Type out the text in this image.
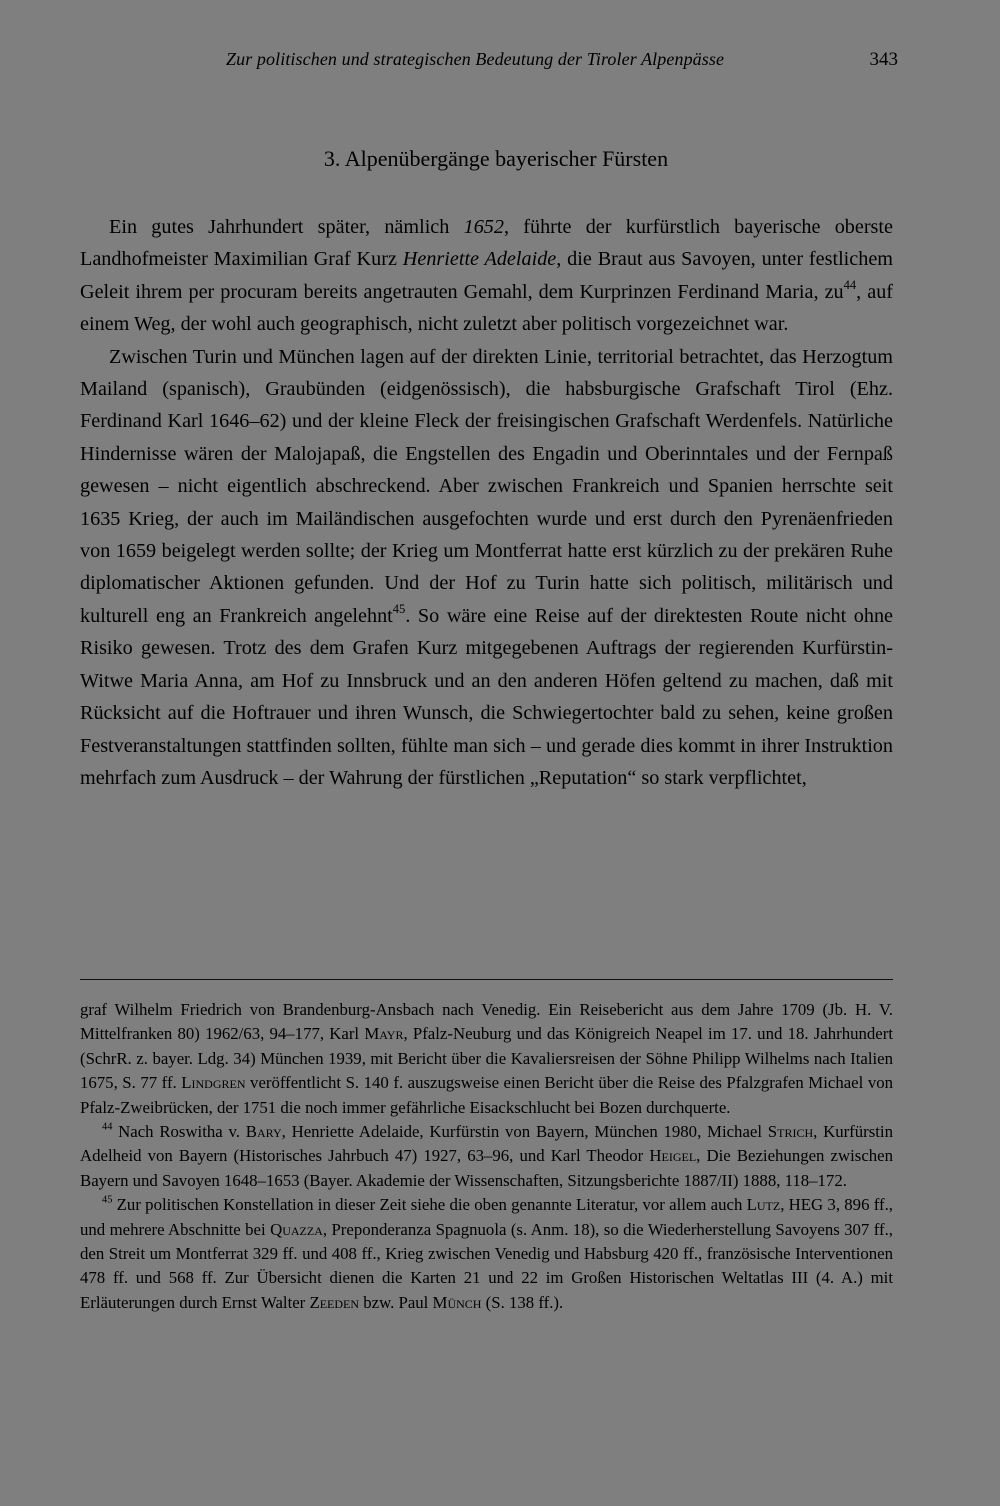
Zur politischen und strategischen Bedeutung der Tiroler Alpenpässe	343
3. Alpenübergänge bayerischer Fürsten

Ein gutes Jahrhundert später, nämlich 1652, führte der kurfürstlich bayerische oberste Landhofmeister Maximilian Graf Kurz Henriette Adelaide, die Braut aus Savoyen, unter festlichem Geleit ihrem per procuram bereits angetrauten Gemahl, dem Kurprinzen Ferdinand Maria, $zu^{44}$, auf einem Weg, der wohl auch geographisch, nicht zuletzt aber politisch vorgezeichnet war.

Zwischen Turin und München lagen auf der direkten Linie, territorial betrachtet, das Herzogtum Mailand (spanisch), Graubünden (eidgenössisch), die habsburgische Grafschaft Tirol (Ehz. Ferdinand Karl 1646–62) und der kleine Fleck der freisingischen Grafschaft Werdenfels. Natürliche Hindernisse wären der Malojapaß, die Engstellen des Engadin und Oberinntales und der Fernpaß gewesen – nicht eigentlich abschreckend. Aber zwischen Frankreich und Spanien herrschte seit 1635 Krieg, der auch im Mailändischen ausgefochten wurde und erst durch den Pyrenäenfrieden von 1659 beigelegt werden sollte; der Krieg um Montferrat hatte erst kürzlich zu der prekären Ruhe diplomatischer Aktionen gefunden. Und der Hof zu Turin hatte sich politisch, militärisch und kulturell eng an Frankreich angelehnt$^{45}$. So wäre eine Reise auf der direktesten Route nicht ohne Risiko gewesen. Trotz des dem Grafen Kurz mitgegebenen Auftrags der regierenden Kurfürstin-Witwe Maria Anna, am Hof zu Innsbruck und an den anderen Höfen geltend zu machen, daß mit Rücksicht auf die Hoftrauer und ihren Wunsch, die Schwiegertochter bald zu sehen, keine großen Festveranstaltungen stattfinden sollten, fühlte man sich – und gerade dies kommt in ihrer Instruktion mehrfach zum Ausdruck – der Wahrung der fürstlichen „Reputation“ so stark verpflichtet,

graf Wilhelm Friedrich von Brandenburg-Ansbach nach Venedig. Ein Reisebericht aus dem Jahre 1709 (Jb. H. V. Mittelfranken 80) 1962/63, 94–177, Karl Mayr, Pfalz-Neuburg und das Königreich Neapel im 17. und 18. Jahrhundert (SchrR. z. bayer. Ldg. 34) München 1939, mit Bericht über die Kavaliersreisen der Söhne Philipp Wilhelms nach Italien 1675, S. 77 ff. Lindgren veröffentlicht S. 140 f. auszugsweise einen Bericht über die Reise des Pfalzgrafen Michael von Pfalz-Zweibrücken, der 1751 die noch immer gefährliche Eisackschlucht bei Bozen durchquerte.

$^{44}$ Nach Roswitha v. Bary, Henriette Adelaide, Kurfürstin von Bayern, München 1980, Michael Strich, Kurfürstin Adelheid von Bayern (Historisches Jahrbuch 47) 1927, 63–96, und Karl Theodor Heigel, Die Beziehungen zwischen Bayern und Savoyen 1648–1653 (Bayer. Akademie der Wissenschaften, Sitzungsberichte 1887/II) 1888, 118–172.

$^{45}$ Zur politischen Konstellation in dieser Zeit siehe die oben genannte Literatur, vor allem auch Lutz, HEG 3, 896 ff., und mehrere Abschnitte bei Quazza, Preponderanza Spagnuola (s. Anm. 18), so die Wiederherstellung Savoyens 307 ff., den Streit um Montferrat 329 ff. und 408 ff., Krieg zwischen Venedig und Habsburg 420 ff., französische Interventionen 478 ff. und 568 ff. Zur Übersicht dienen die Karten 21 und 22 im Großen Historischen Weltatlas III (4. A.) mit Erläuterungen durch Ernst Walter Zeeden bzw. Paul Münch (S. 138 ff.).
